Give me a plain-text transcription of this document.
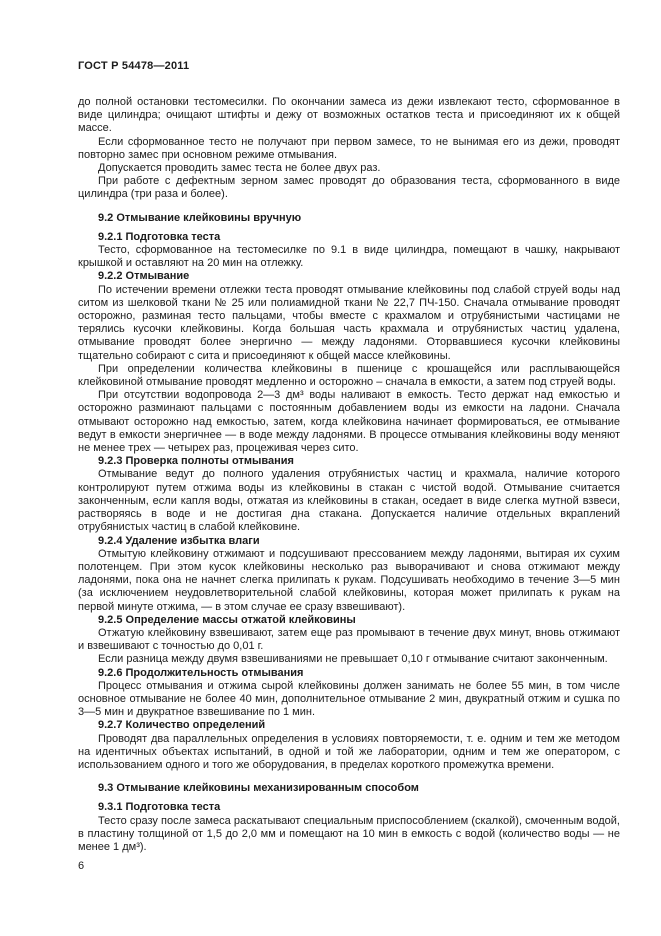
ГОСТ Р 54478—2011

до полной остановки тестомесилки. По окончании замеса из дежи извлекают тесто, сформованное в виде цилиндра; очищают штифты и дежу от возможных остатков теста и присоединяют их к общей массе.

Если сформованное тесто не получают при первом замесе, то не вынимая его из дежи, проводят повторно замес при основном режиме отмывания.

Допускается проводить замес теста не более двух раз.

При работе с дефектным зерном замес проводят до образования теста, сформованного в виде цилиндра (три раза и более).

9.2 Отмывание клейковины вручную

9.2.1 Подготовка теста

Тесто, сформованное на тестомесилке по 9.1 в виде цилиндра, помещают в чашку, накрывают крышкой и оставляют на 20 мин на отлежку.

9.2.2 Отмывание

По истечении времени отлежки теста проводят отмывание клейковины под слабой струей воды над ситом из шелковой ткани № 25 или полиамидной ткани № 22,7 ПЧ-150. Сначала отмывание проводят осторожно, разминая тесто пальцами, чтобы вместе с крахмалом и отрубянистыми частицами не терялись кусочки клейковины. Когда большая часть крахмала и отрубянистых частиц удалена, отмывание проводят более энергично — между ладонями. Оторвавшиеся кусочки клейковины тщательно собирают с сита и присоединяют к общей массе клейковины.

При определении количества клейковины в пшенице с крошащейся или расплывающейся клейковиной отмывание проводят медленно и осторожно – сначала в емкости, а затем под струей воды.

При отсутствии водопровода 2—3 дм³ воды наливают в емкость. Тесто держат над емкостью и осторожно разминают пальцами с постоянным добавлением воды из емкости на ладони. Сначала отмывают осторожно над емкостью, затем, когда клейковина начинает формироваться, ее отмывание ведут в емкости энергичнее — в воде между ладонями. В процессе отмывания клейковины воду меняют не менее трех — четырех раз, процеживая через сито.

9.2.3 Проверка полноты отмывания

Отмывание ведут до полного удаления отрубянистых частиц и крахмала, наличие которого контролируют путем отжима воды из клейковины в стакан с чистой водой. Отмывание считается законченным, если капля воды, отжатая из клейковины в стакан, оседает в виде слегка мутной взвеси, растворяясь в воде и не достигая дна стакана. Допускается наличие отдельных вкраплений отрубянистых частиц в слабой клейковине.

9.2.4 Удаление избытка влаги

Отмытую клейковину отжимают и подсушивают прессованием между ладонями, вытирая их сухим полотенцем. При этом кусок клейковины несколько раз выворачивают и снова отжимают между ладонями, пока она не начнет слегка прилипать к рукам. Подсушивать необходимо в течение 3—5 мин (за исключением неудовлетворительной слабой клейковины, которая может прилипать к рукам на первой минуте отжима, — в этом случае ее сразу взвешивают).

9.2.5 Определение массы отжатой клейковины

Отжатую клейковину взвешивают, затем еще раз промывают в течение двух минут, вновь отжимают и взвешивают с точностью до 0,01 г.

Если разница между двумя взвешиваниями не превышает 0,10 г отмывание считают законченным.

9.2.6 Продолжительность отмывания

Процесс отмывания и отжима сырой клейковины должен занимать не более 55 мин, в том числе основное отмывание не более 40 мин, дополнительное отмывание 2 мин, двукратный отжим и сушка по 3—5 мин и двукратное взвешивание по 1 мин.

9.2.7 Количество определений

Проводят два параллельных определения в условиях повторяемости, т. е. одним и тем же методом на идентичных объектах испытаний, в одной и той же лаборатории, одним и тем же оператором, с использованием одного и того же оборудования, в пределах короткого промежутка времени.

9.3 Отмывание клейковины механизированным способом

9.3.1 Подготовка теста

Тесто сразу после замеса раскатывают специальным приспособлением (скалкой), смоченным водой, в пластину толщиной от 1,5 до 2,0 мм и помещают на 10 мин в емкость с водой (количество воды — не менее 1 дм³).

6
